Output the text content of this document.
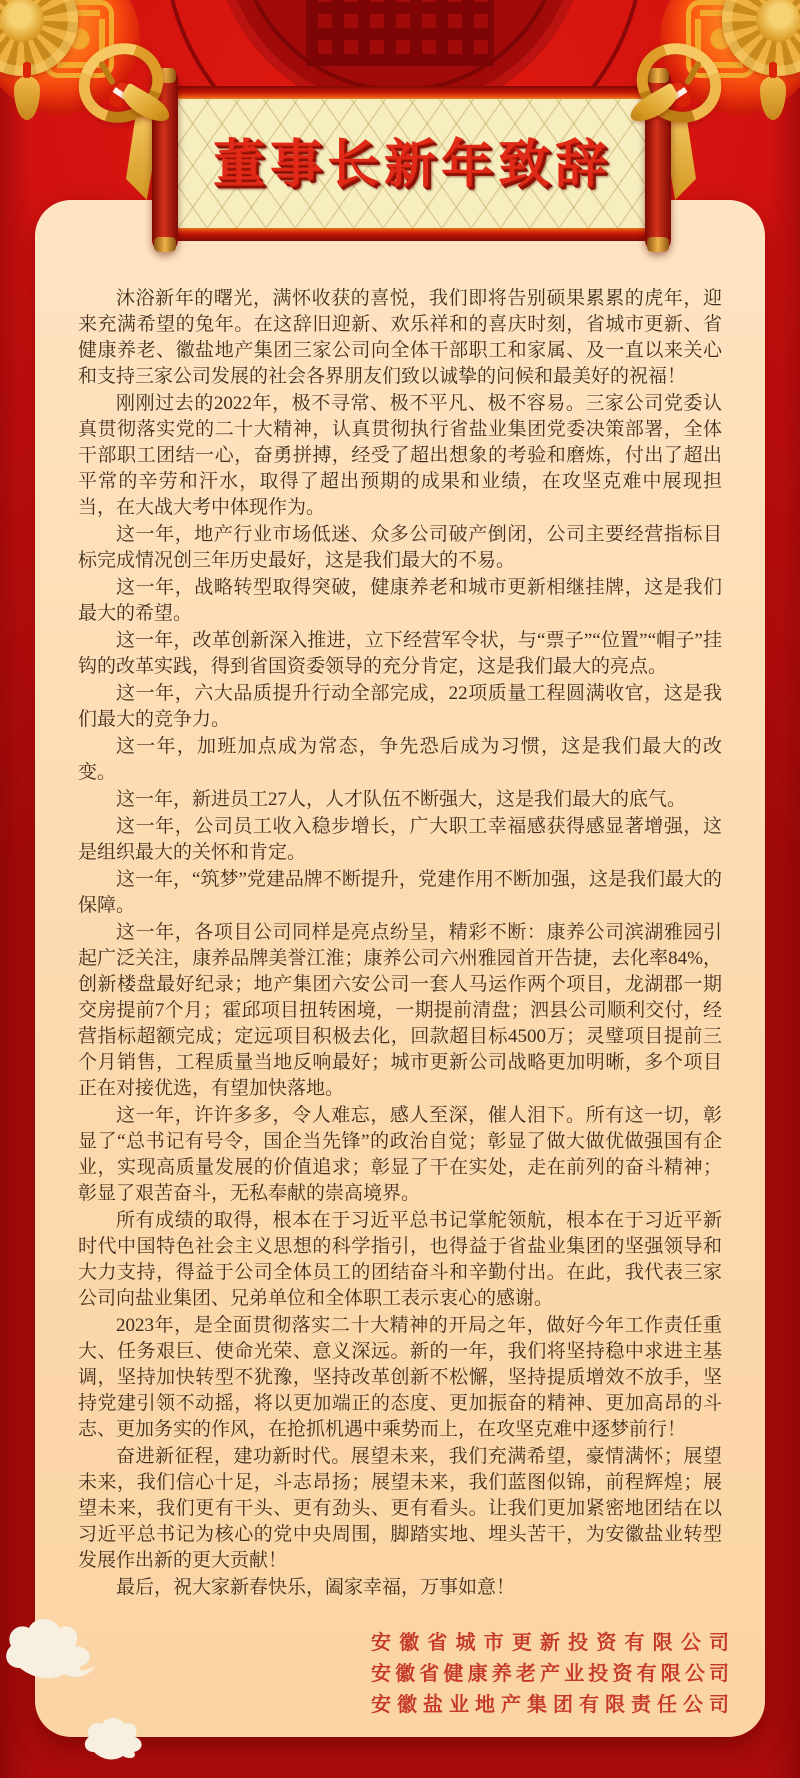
沐浴新年的曙光，满怀收获的喜悦，我们即将告别硕果累累的虎年，迎来充满希望的兔年。在这辞旧迎新、欢乐祥和的喜庆时刻，省城市更新、省健康养老、徽盐地产集团三家公司向全体干部职工和家属、及一直以来关心和支持三家公司发展的社会各界朋友们致以诚挚的问候和最美好的祝福！

刚刚过去的2022年，极不寻常、极不平凡、极不容易。三家公司党委认真贯彻落实党的二十大精神，认真贯彻执行省盐业集团党委决策部署，全体干部职工团结一心，奋勇拼搏，经受了超出想象的考验和磨炼，付出了超出平常的辛劳和汗水，取得了超出预期的成果和业绩，在攻坚克难中展现担当，在大战大考中体现作为。

这一年，地产行业市场低迷、众多公司破产倒闭，公司主要经营指标目标完成情况创三年历史最好，这是我们最大的不易。

这一年，战略转型取得突破，健康养老和城市更新相继挂牌，这是我们最大的希望。

这一年，改革创新深入推进，立下经营军令状，与“票子”“位置”“帽子”挂钩的改革实践，得到省国资委领导的充分肯定，这是我们最大的亮点。

这一年，六大品质提升行动全部完成，22项质量工程圆满收官，这是我们最大的竞争力。

这一年，加班加点成为常态，争先恐后成为习惯，这是我们最大的改变。

这一年，新进员工27人，人才队伍不断强大，这是我们最大的底气。

这一年，公司员工收入稳步增长，广大职工幸福感获得感显著增强，这是组织最大的关怀和肯定。

这一年，“筑梦”党建品牌不断提升，党建作用不断加强，这是我们最大的保障。

这一年，各项目公司同样是亮点纷呈，精彩不断：康养公司滨湖雅园引起广泛关注，康养品牌美誉江淮；康养公司六州雅园首开告捷，去化率84%，创新楼盘最好纪录；地产集团六安公司一套人马运作两个项目，龙湖郡一期交房提前7个月；霍邱项目扭转困境，一期提前清盘；泗县公司顺利交付，经营指标超额完成；定远项目积极去化，回款超目标4500万；灵璧项目提前三个月销售，工程质量当地反响最好；城市更新公司战略更加明晰，多个项目正在对接优选，有望加快落地。

这一年，许许多多，令人难忘，感人至深，催人泪下。所有这一切，彰显了“总书记有号令，国企当先锋”的政治自觉；彰显了做大做优做强国有企业，实现高质量发展的价值追求；彰显了干在实处，走在前列的奋斗精神；彰显了艰苦奋斗，无私奉献的崇高境界。

所有成绩的取得，根本在于习近平总书记掌舵领航，根本在于习近平新时代中国特色社会主义思想的科学指引，也得益于省盐业集团的坚强领导和大力支持，得益于公司全体员工的团结奋斗和辛勤付出。在此，我代表三家公司向盐业集团、兄弟单位和全体职工表示衷心的感谢。

2023年，是全面贯彻落实二十大精神的开局之年，做好今年工作责任重大、任务艰巨、使命光荣、意义深远。新的一年，我们将坚持稳中求进主基调，坚持加快转型不犹豫，坚持改革创新不松懈，坚持提质增效不放手，坚持党建引领不动摇，将以更加端正的态度、更加振奋的精神、更加高昂的斗志、更加务实的作风，在抢抓机遇中乘势而上，在攻坚克难中逐梦前行！

奋进新征程，建功新时代。展望未来，我们充满希望，豪情满怀；展望未来，我们信心十足，斗志昂扬；展望未来，我们蓝图似锦，前程辉煌；展望未来，我们更有干头、更有劲头、更有看头。让我们更加紧密地团结在以习近平总书记为核心的党中央周围，脚踏实地、埋头苦干，为安徽盐业转型发展作出新的更大贡献！

最后，祝大家新春快乐，阖家幸福，万事如意！

安徽省城市更新投资有限公司
安徽省健康养老产业投资有限公司
安徽盐业地产集团有限责任公司
董事长新年致辞
